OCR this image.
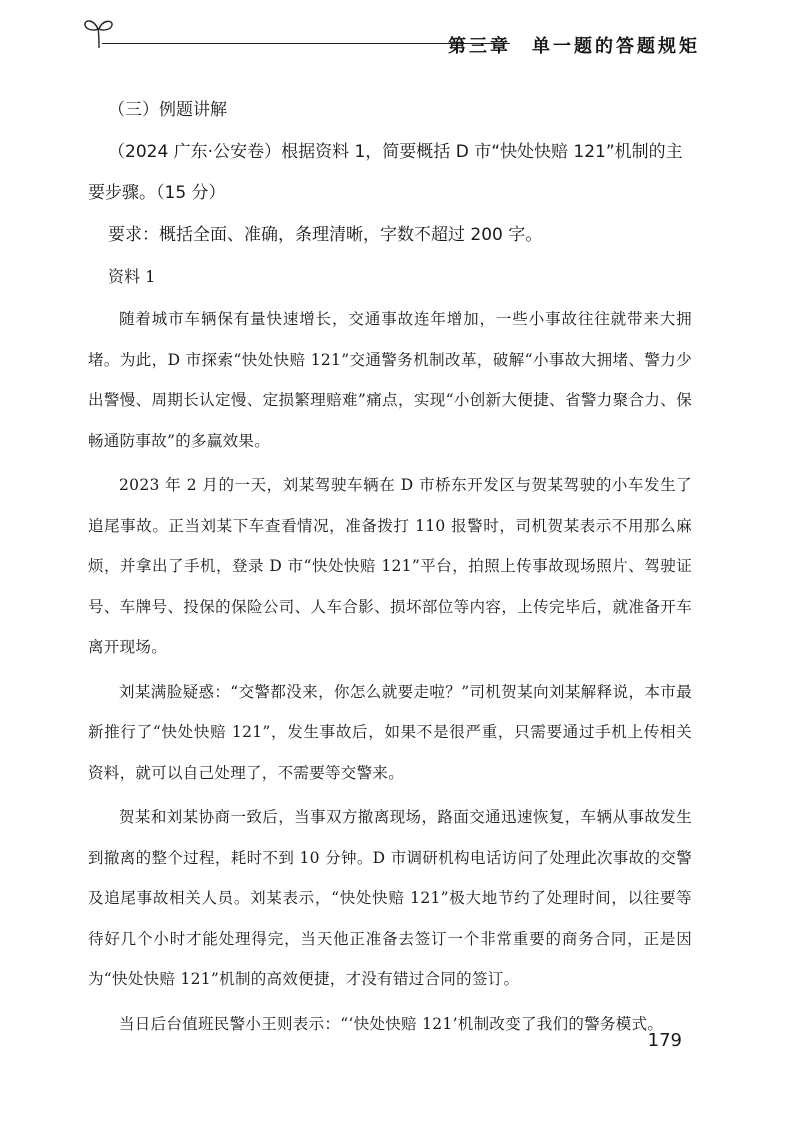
第三章　单一题的答题规矩

（三）例题讲解

（2024 广东·公安卷）根据资料 1，简要概括 D 市“快处快赔 121”机制的主要步骤。（15 分）

要求：概括全面、准确，条理清晰，字数不超过 200 字。

资料 1

随着城市车辆保有量快速增长，交通事故连年增加，一些小事故往往就带来大拥堵。为此，D 市探索“快处快赔 121”交通警务机制改革，破解“小事故大拥堵、警力少出警慢、周期长认定慢、定损繁理赔难”痛点，实现“小创新大便捷、省警力聚合力、保畅通防事故”的多赢效果。

2023 年 2 月的一天，刘某驾驶车辆在 D 市桥东开发区与贺某驾驶的小车发生了追尾事故。正当刘某下车查看情况，准备拨打 110 报警时，司机贺某表示不用那么麻烦，并拿出了手机，登录 D 市“快处快赔 121”平台，拍照上传事故现场照片、驾驶证号、车牌号、投保的保险公司、人车合影、损坏部位等内容，上传完毕后，就准备开车离开现场。

刘某满脸疑惑：“交警都没来，你怎么就要走啦？”司机贺某向刘某解释说，本市最新推行了“快处快赔 121”，发生事故后，如果不是很严重，只需要通过手机上传相关资料，就可以自己处理了，不需要等交警来。

贺某和刘某协商一致后，当事双方撤离现场，路面交通迅速恢复，车辆从事故发生到撤离的整个过程，耗时不到 10 分钟。D 市调研机构电话访问了处理此次事故的交警及追尾事故相关人员。刘某表示，“快处快赔 121”极大地节约了处理时间，以往要等待好几个小时才能处理得完，当天他正准备去签订一个非常重要的商务合同，正是因为“快处快赔 121”机制的高效便捷，才没有错过合同的签订。

当日后台值班民警小王则表示：“‘快处快赔 121’机制改变了我们的警务模式。

179
